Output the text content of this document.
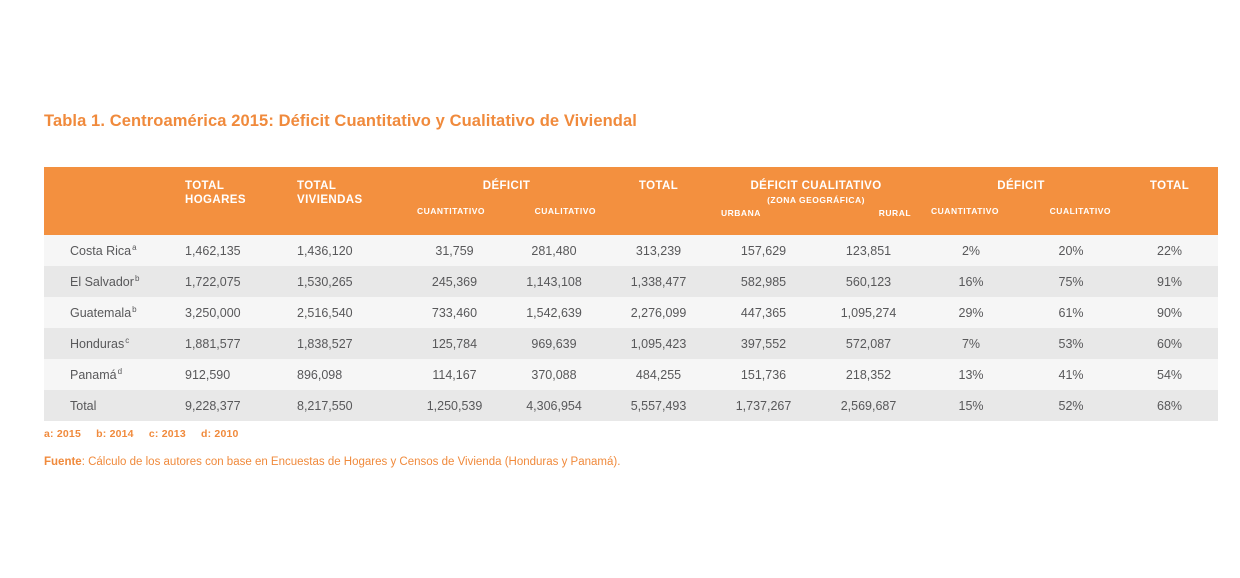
Tabla 1. Centroamérica 2015: Déficit Cuantitativo y Cualitativo de Viviendal

TOTAL
HOGARES

TOTAL
VIVIENDAS

DÉFICIT
CUANTITATIVO	CUALITATIVO

TOTAL	DÉFICIT CUALITATIVO
(ZONA GEOGRÁFICA)
URBANA	RURAL

DÉFICIT
CUANTITATIVO	CUALITATIVO

TOTAL

Costa Rica$^a$	1,462,135	1,436,120	31,759	281,480	313,239	157,629	123,851	2%	20%	22%
El Salvador$^b$	1,722,075	1,530,265	245,369	1,143,108	1,338,477	582,985	560,123	16%	75%	91%
Guatemala$^b$	3,250,000	2,516,540	733,460	1,542,639	2,276,099	447,365	1,095,274	29%	61%	90%
Honduras$^c$	1,881,577	1,838,527	125,784	969,639	1,095,423	397,552	572,087	7%	53%	60%
Panamá$^d$	912,590	896,098	114,167	370,088	484,255	151,736	218,352	13%	41%	54%
Total	9,228,377	8,217,550	1,250,539	4,306,954	5,557,493	1,737,267	2,569,687	15%	52%	68%
a: 2015 b: 2014 c: 2013 d: 2010
Fuente: Cálculo de los autores con base en Encuestas de Hogares y Censos de Vivienda (Honduras y Panamá).
